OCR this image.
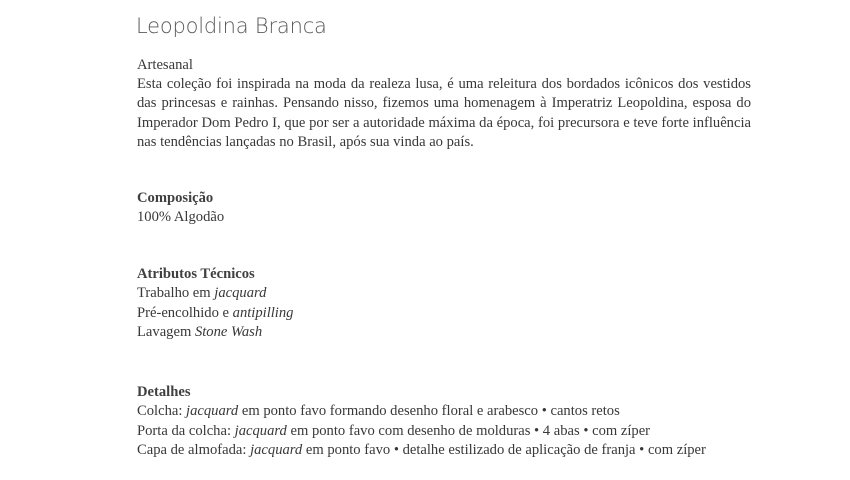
Leopoldina Branca
Artesanal
Esta coleção foi inspirada na moda da realeza lusa, é uma releitura dos bordados icônicos dos vestidos das princesas e rainhas. Pensando nisso, fizemos uma homenagem à Imperatriz Leopoldina, esposa do Imperador Dom Pedro I, que por ser a autoridade máxima da época, foi precursora e teve forte influência nas tendências lançadas no Brasil, após sua vinda ao país.
Composição
100% Algodão
Atributos Técnicos
Trabalho em jacquard
Pré-encolhido e antipilling
Lavagem Stone Wash
Detalhes
Colcha: jacquard em ponto favo formando desenho floral e arabesco • cantos retos
Porta da colcha: jacquard em ponto favo com desenho de molduras • 4 abas • com zíper
Capa de almofada: jacquard em ponto favo • detalhe estilizado de aplicação de franja • com zíper
